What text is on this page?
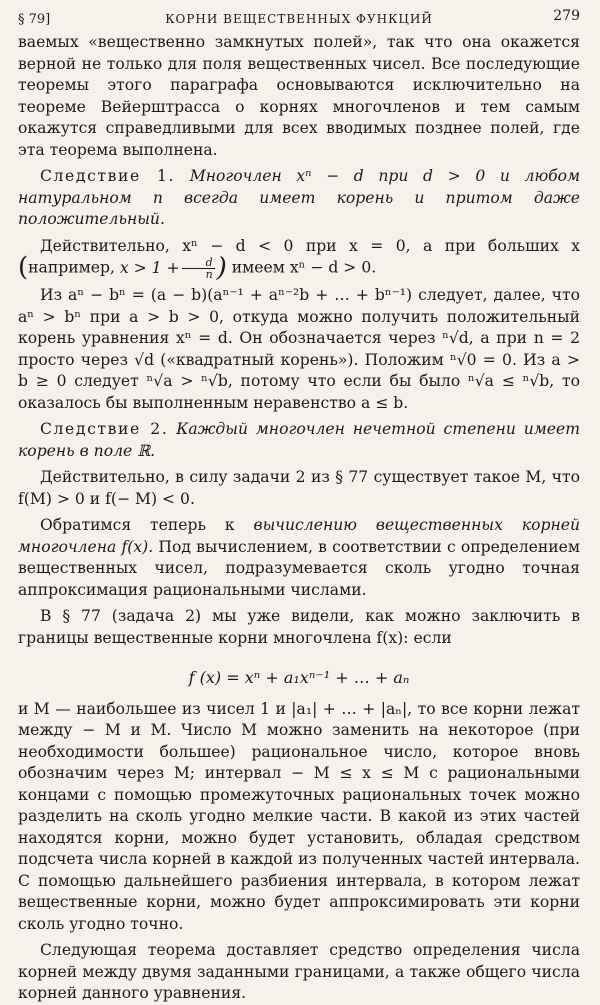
§ 79]	КОРНИ ВЕЩЕСТВЕННЫХ ФУНКЦИЙ	279

ваемых «вещественно замкнутых полей», так что она окажется верной не только для поля вещественных чисел. Все последующие теоремы этого параграфа основываются исключительно на теореме Вейерштрасса о корнях многочленов и тем самым окажутся справедливыми для всех вводимых позднее полей, где эта теорема выполнена.

Следствие 1. Многочлен xⁿ − d при d > 0 и любом натуральном n всегда имеет корень и притом даже положительный.

Действительно, xⁿ − d < 0 при x = 0, а при больших x (например, $x > 1 + \frac{d}{n}$ ) имеем xⁿ − d > 0.

Из aⁿ − bⁿ = (a − b)(aⁿ⁻¹ + aⁿ⁻²b + … + bⁿ⁻¹) следует, далее, что aⁿ > bⁿ при a > b > 0, откуда можно получить положительный корень уравнения xⁿ = d. Он обозначается через ⁿ√d, а при n = 2 просто через √d («квадратный корень»). Положим ⁿ√0 = 0. Из a > b ≥ 0 следует ⁿ√a > ⁿ√b, потому что если бы было ⁿ√a ≤ ⁿ√b, то оказалось бы выполненным неравенство a ≤ b.

Следствие 2. Каждый многочлен нечетной степени имеет корень в поле ℝ.

Действительно, в силу задачи 2 из § 77 существует такое M, что f(M) > 0 и f(− M) < 0.

Обратимся теперь к вычислению вещественных корней многочлена f(x). Под вычислением, в соответствии с определением вещественных чисел, подразумевается сколь угодно точная аппроксимация рациональными числами.

В § 77 (задача 2) мы уже видели, как можно заключить в границы вещественные корни многочлена f(x): если

f (x) = xⁿ + a₁xⁿ⁻¹ + … + aₙ

и M — наибольшее из чисел 1 и |a₁| + … + |aₙ|, то все корни лежат между − M и M. Число M можно заменить на некоторое (при необходимости большее) рациональное число, которое вновь обозначим через M; интервал − M ≤ x ≤ M с рациональными концами с помощью промежуточных рациональных точек можно разделить на сколь угодно мелкие части. В какой из этих частей находятся корни, можно будет установить, обладая средством подсчета числа корней в каждой из полученных частей интервала. С помощью дальнейшего разбиения интервала, в котором лежат вещественные корни, можно будет аппроксимировать эти корни сколь угодно точно.

Следующая теорема доставляет средство определения числа корней между двумя заданными границами, а также общего числа корней данного уравнения.
